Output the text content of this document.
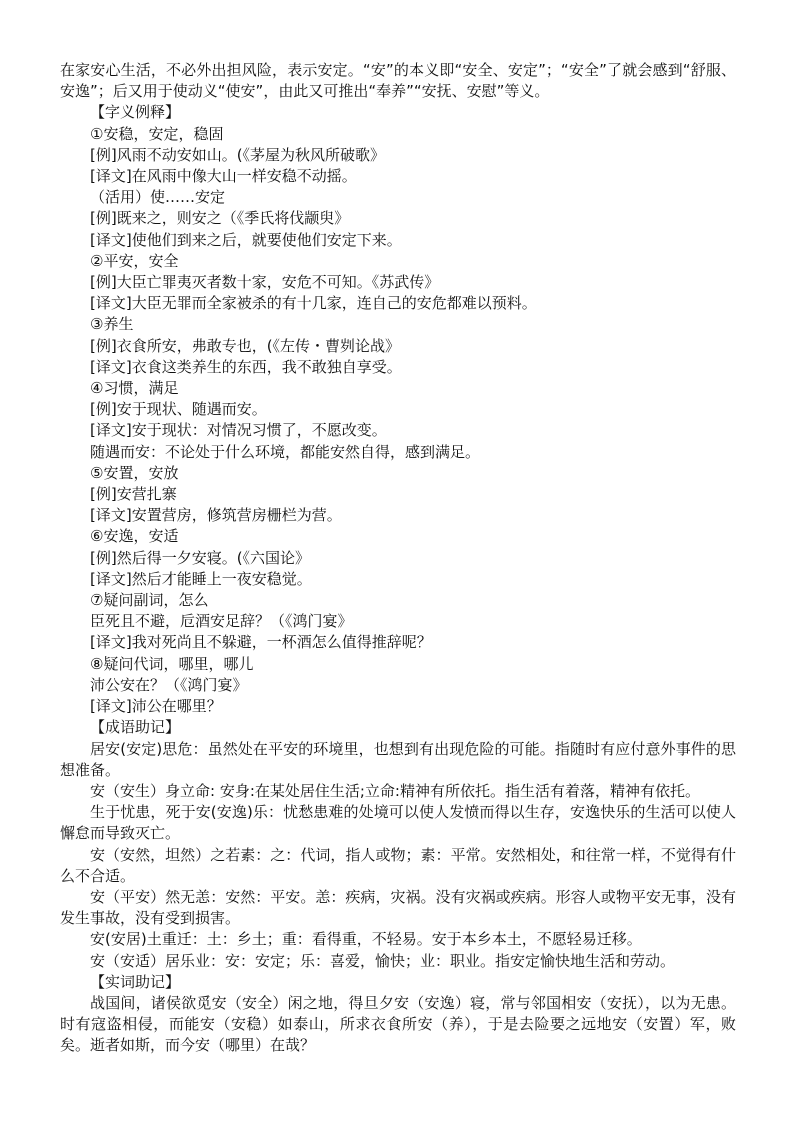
在家安心生活，不必外出担风险，表示安定。“安”的本义即“安全、安定”；“安全”了就会感到“舒服、安逸”；后又用于使动义“使安”，由此又可推出“奉养”“安抚、安慰”等义。

【字义例释】

①安稳，安定，稳固

[例]风雨不动安如山。(《茅屋为秋风所破歌》

[译文]在风雨中像大山一样安稳不动摇。

（活用）使……安定

[例]既来之，则安之（《季氏将伐颛臾》

[译文]使他们到来之后，就要使他们安定下来。

②平安，安全

[例]大臣亡罪夷灭者数十家，安危不可知。《苏武传》

[译文]大臣无罪而全家被杀的有十几家，连自己的安危都难以预料。

③养生

[例]衣食所安，弗敢专也，(《左传・曹刿论战》

[译文]衣食这类养生的东西，我不敢独自享受。

④习惯，满足

[例]安于现状、随遇而安。

[译文]安于现状：对情况习惯了，不愿改变。

随遇而安：不论处于什么环境，都能安然自得，感到满足。

⑤安置，安放

[例]安营扎寨

[译文]安置营房，修筑营房栅栏为营。

⑥安逸，安适

[例]然后得一夕安寝。(《六国论》

[译文]然后才能睡上一夜安稳觉。

⑦疑问副词，怎么

臣死且不避，卮酒安足辞？（《鸿门宴》

[译文]我对死尚且不躲避，一杯酒怎么值得推辞呢？

⑧疑问代词，哪里，哪儿

沛公安在？（《鸿门宴》

[译文]沛公在哪里？

【成语助记】

居安(安定)思危：虽然处在平安的环境里，也想到有出现危险的可能。指随时有应付意外事件的思想准备。

安（安生）身立命: 安身:在某处居住生活;立命:精神有所依托。指生活有着落，精神有依托。

生于忧患，死于安(安逸)乐：忧愁患难的处境可以使人发愤而得以生存，安逸快乐的生活可以使人懈怠而导致灭亡。

安（安然，坦然）之若素：之：代词，指人或物；素：平常。安然相处，和往常一样，不觉得有什么不合适。

安（平安）然无恙：安然：平安。恙：疾病，灾祸。没有灾祸或疾病。形容人或物平安无事，没有发生事故，没有受到损害。

安(安居)土重迁：土：乡土；重：看得重，不轻易。安于本乡本土，不愿轻易迁移。

安（安适）居乐业：安：安定；乐：喜爱，愉快；业：职业。指安定愉快地生活和劳动。

【实词助记】

战国间，诸侯欲觅安（安全）闲之地，得旦夕安（安逸）寝，常与邻国相安（安抚），以为无患。时有寇盗相侵，而能安（安稳）如泰山，所求衣食所安（养），于是去险要之远地安（安置）军，败矣。逝者如斯，而今安（哪里）在哉？
